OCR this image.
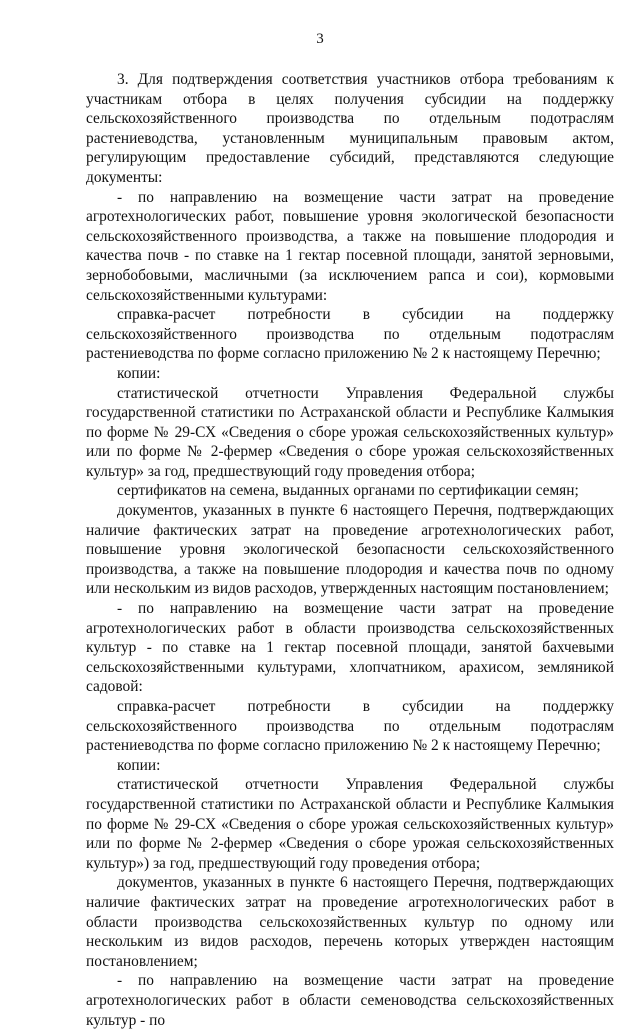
3

3. Для подтверждения соответствия участников отбора требованиям к участникам отбора в целях получения субсидии на поддержку сельскохозяйственного производства по отдельным подотраслям растениеводства, установленным муниципальным правовым актом, регулирующим предоставление субсидий, представляются следующие документы:

- по направлению на возмещение части затрат на проведение агротехнологических работ, повышение уровня экологической безопасности сельскохозяйственного производства, а также на повышение плодородия и качества почв - по ставке на 1 гектар посевной площади, занятой зерновыми, зернобобовыми, масличными (за исключением рапса и сои), кормовыми сельскохозяйственными культурами:

справка-расчет потребности в субсидии на поддержку сельскохозяйственного производства по отдельным подотраслям растениеводства по форме согласно приложению № 2 к настоящему Перечню;

копии:

статистической отчетности Управления Федеральной службы государственной статистики по Астраханской области и Республике Калмыкия по форме № 29-СХ «Сведения о сборе урожая сельскохозяйственных культур» или по форме № 2-фермер «Сведения о сборе урожая сельскохозяйственных культур» за год, предшествующий году проведения отбора;

сертификатов на семена, выданных органами по сертификации семян;

документов, указанных в пункте 6 настоящего Перечня, подтверждающих наличие фактических затрат на проведение агротехнологических работ, повышение уровня экологической безопасности сельскохозяйственного производства, а также на повышение плодородия и качества почв по одному или нескольким из видов расходов, утвержденных настоящим постановлением;

- по направлению на возмещение части затрат на проведение агротехнологических работ в области производства сельскохозяйственных культур - по ставке на 1 гектар посевной площади, занятой бахчевыми сельскохозяйственными культурами, хлопчатником, арахисом, земляникой садовой:

справка-расчет потребности в субсидии на поддержку сельскохозяйственного производства по отдельным подотраслям растениеводства по форме согласно приложению № 2 к настоящему Перечню;

копии:

статистической отчетности Управления Федеральной службы государственной статистики по Астраханской области и Республике Калмыкия по форме № 29-СХ «Сведения о сборе урожая сельскохозяйственных культур» или по форме № 2-фермер «Сведения о сборе урожая сельскохозяйственных культур») за год, предшествующий году проведения отбора;

документов, указанных в пункте 6 настоящего Перечня, подтверждающих наличие фактических затрат на проведение агротехнологических работ в области производства сельскохозяйственных культур по одному или нескольким из видов расходов, перечень которых утвержден настоящим постановлением;

- по направлению на возмещение части затрат на проведение агротехнологических работ в области семеноводства сельскохозяйственных культур - по
